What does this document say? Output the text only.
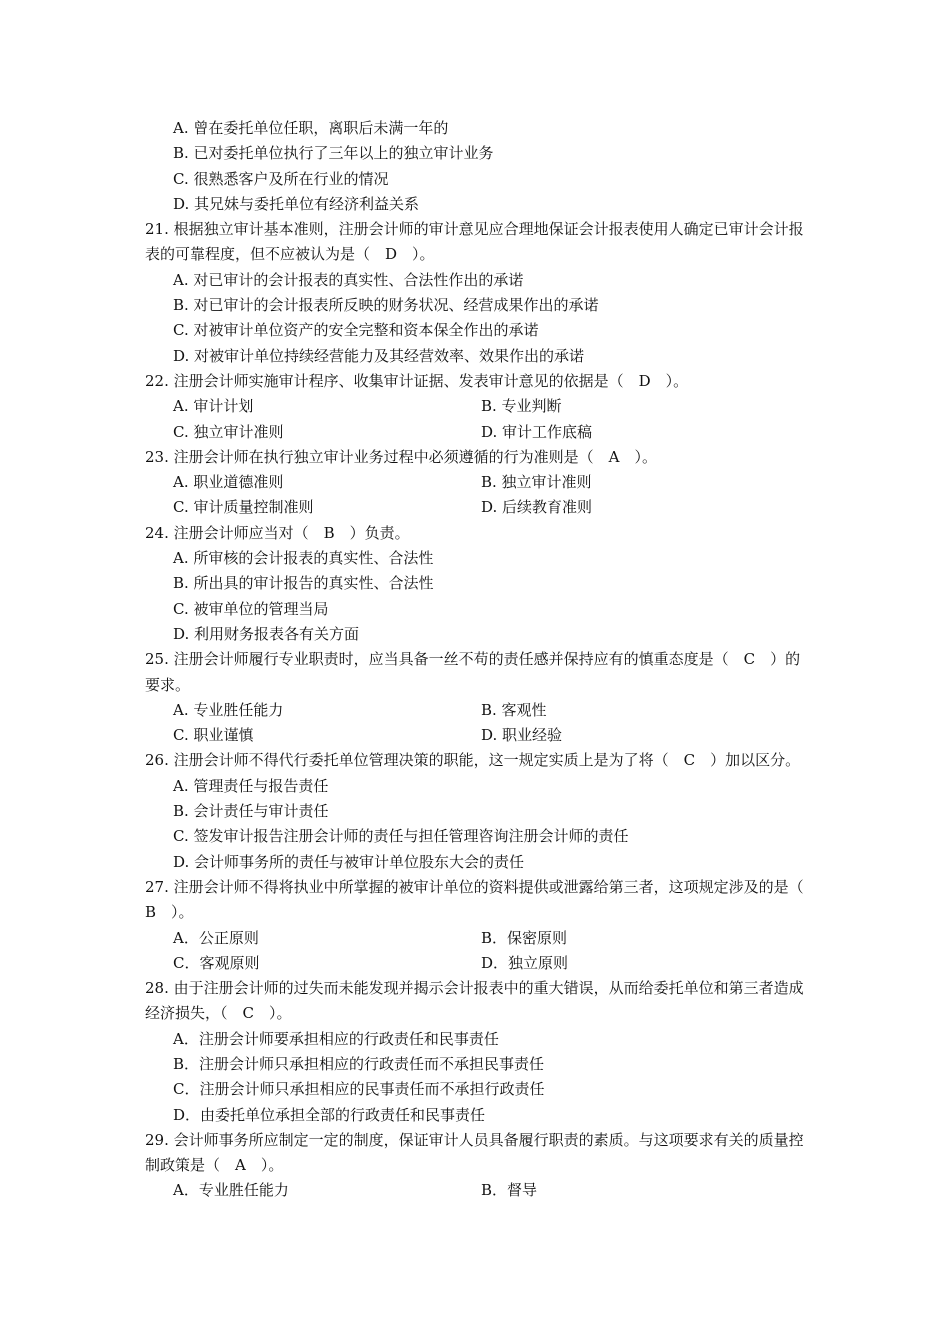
A. 曾在委托单位任职，离职后未满一年的
B. 已对委托单位执行了三年以上的独立审计业务
C. 很熟悉客户及所在行业的情况
D. 其兄妹与委托单位有经济利益关系
21. 根据独立审计基本准则，注册会计师的审计意见应合理地保证会计报表使用人确定已审计会计报表的可靠程度，但不应被认为是（　D　）。
A. 对已审计的会计报表的真实性、合法性作出的承诺
B. 对已审计的会计报表所反映的财务状况、经营成果作出的承诺
C. 对被审计单位资产的安全完整和资本保全作出的承诺
D. 对被审计单位持续经营能力及其经营效率、效果作出的承诺
22. 注册会计师实施审计程序、收集审计证据、发表审计意见的依据是（　D　）。
A. 审计计划	B. 专业判断
C. 独立审计准则	D. 审计工作底稿
23. 注册会计师在执行独立审计业务过程中必须遵循的行为准则是（　A　）。
A. 职业道德准则	B. 独立审计准则
C. 审计质量控制准则	D. 后续教育准则
24. 注册会计师应当对（　B　）负责。
A. 所审核的会计报表的真实性、合法性
B. 所出具的审计报告的真实性、合法性
C. 被审单位的管理当局
D. 利用财务报表各有关方面
25. 注册会计师履行专业职责时，应当具备一丝不苟的责任感并保持应有的慎重态度是（　C　）的要求。
A. 专业胜任能力	B. 客观性
C. 职业谨慎	D. 职业经验
26. 注册会计师不得代行委托单位管理决策的职能，这一规定实质上是为了将（　C　）加以区分。
A. 管理责任与报告责任
B. 会计责任与审计责任
C. 签发审计报告注册会计师的责任与担任管理咨询注册会计师的责任
D. 会计师事务所的责任与被审计单位股东大会的责任
27. 注册会计师不得将执业中所掌握的被审计单位的资料提供或泄露给第三者，这项规定涉及的是（　B　）。
A．公正原则	B．保密原则
C．客观原则	D．独立原则
28. 由于注册会计师的过失而未能发现并揭示会计报表中的重大错误，从而给委托单位和第三者造成经济损失，（　C　）。
A．注册会计师要承担相应的行政责任和民事责任
B．注册会计师只承担相应的行政责任而不承担民事责任
C．注册会计师只承担相应的民事责任而不承担行政责任
D．由委托单位承担全部的行政责任和民事责任
29. 会计师事务所应制定一定的制度，保证审计人员具备履行职责的素质。与这项要求有关的质量控制政策是（　A　）。
A．专业胜任能力	B．督导
